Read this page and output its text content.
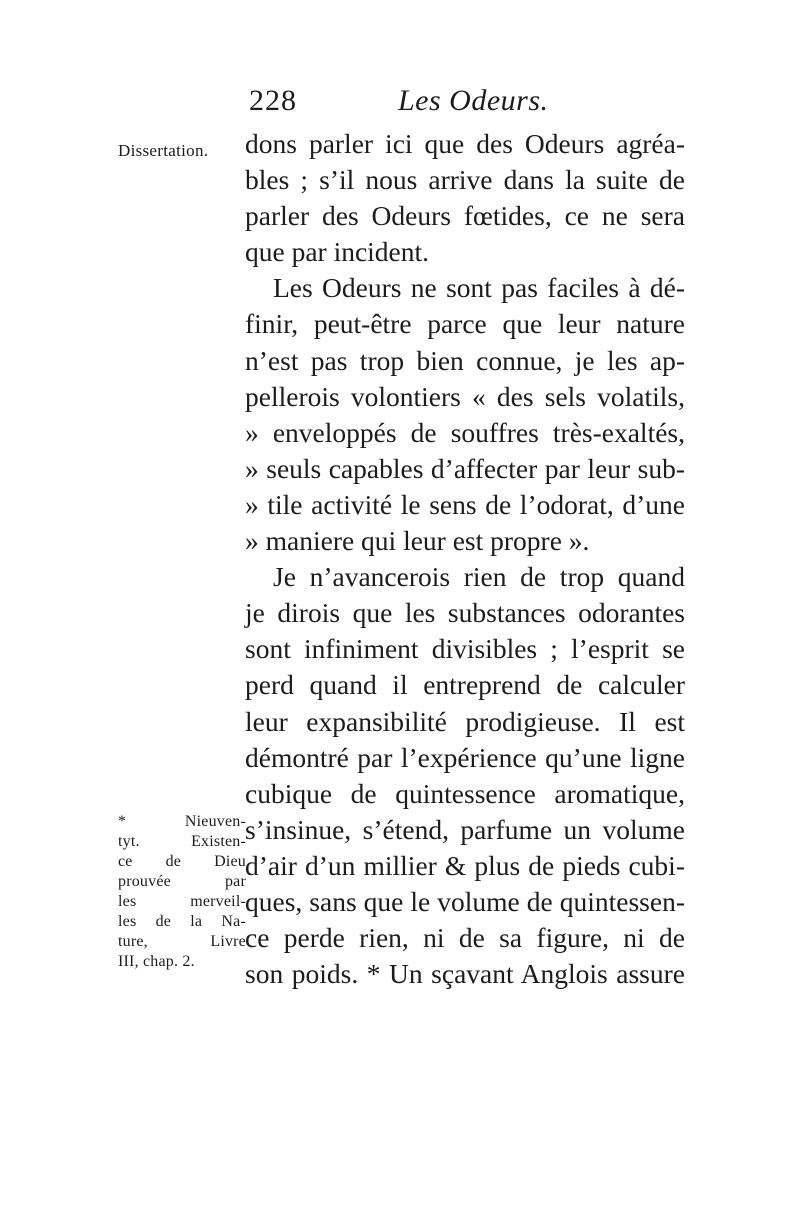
228	Les Odeurs.
Dissertation. dons parler ici que des Odeurs agréa-
bles ; s’il nous arrive dans la suite de
parler des Odeurs fœtides, ce ne sera
que par incident.
Les Odeurs ne sont pas faciles à dé-
finir, peut-être parce que leur nature
n’est pas trop bien connue, je les ap-
pellerois volontiers « des sels volatils,
» enveloppés de souffres très-exaltés,
» seuls capables d’affecter par leur sub-
» tile activité le sens de l’odorat, d’une
» maniere qui leur est propre ».
Je n’avancerois rien de trop quand
je dirois que les substances odorantes
sont infiniment divisibles ; l’esprit se
perd quand il entreprend de calculer
leur expansibilité prodigieuse. Il est
démontré par l’expérience qu’une ligne
cubique de quintessence aromatique,
s’insinue, s’étend, parfume un volume
d’air d’un millier & plus de pieds cubi-
ques, sans que le volume de quintessen-
ce perde rien, ni de sa figure, ni de
son poids. * Un sçavant Anglois assure
* Nieuven-
tyt. Existen-
ce de Dieu
prouvée par
les merveil-
les de la Na-
ture, Livre
III, chap. 2.
